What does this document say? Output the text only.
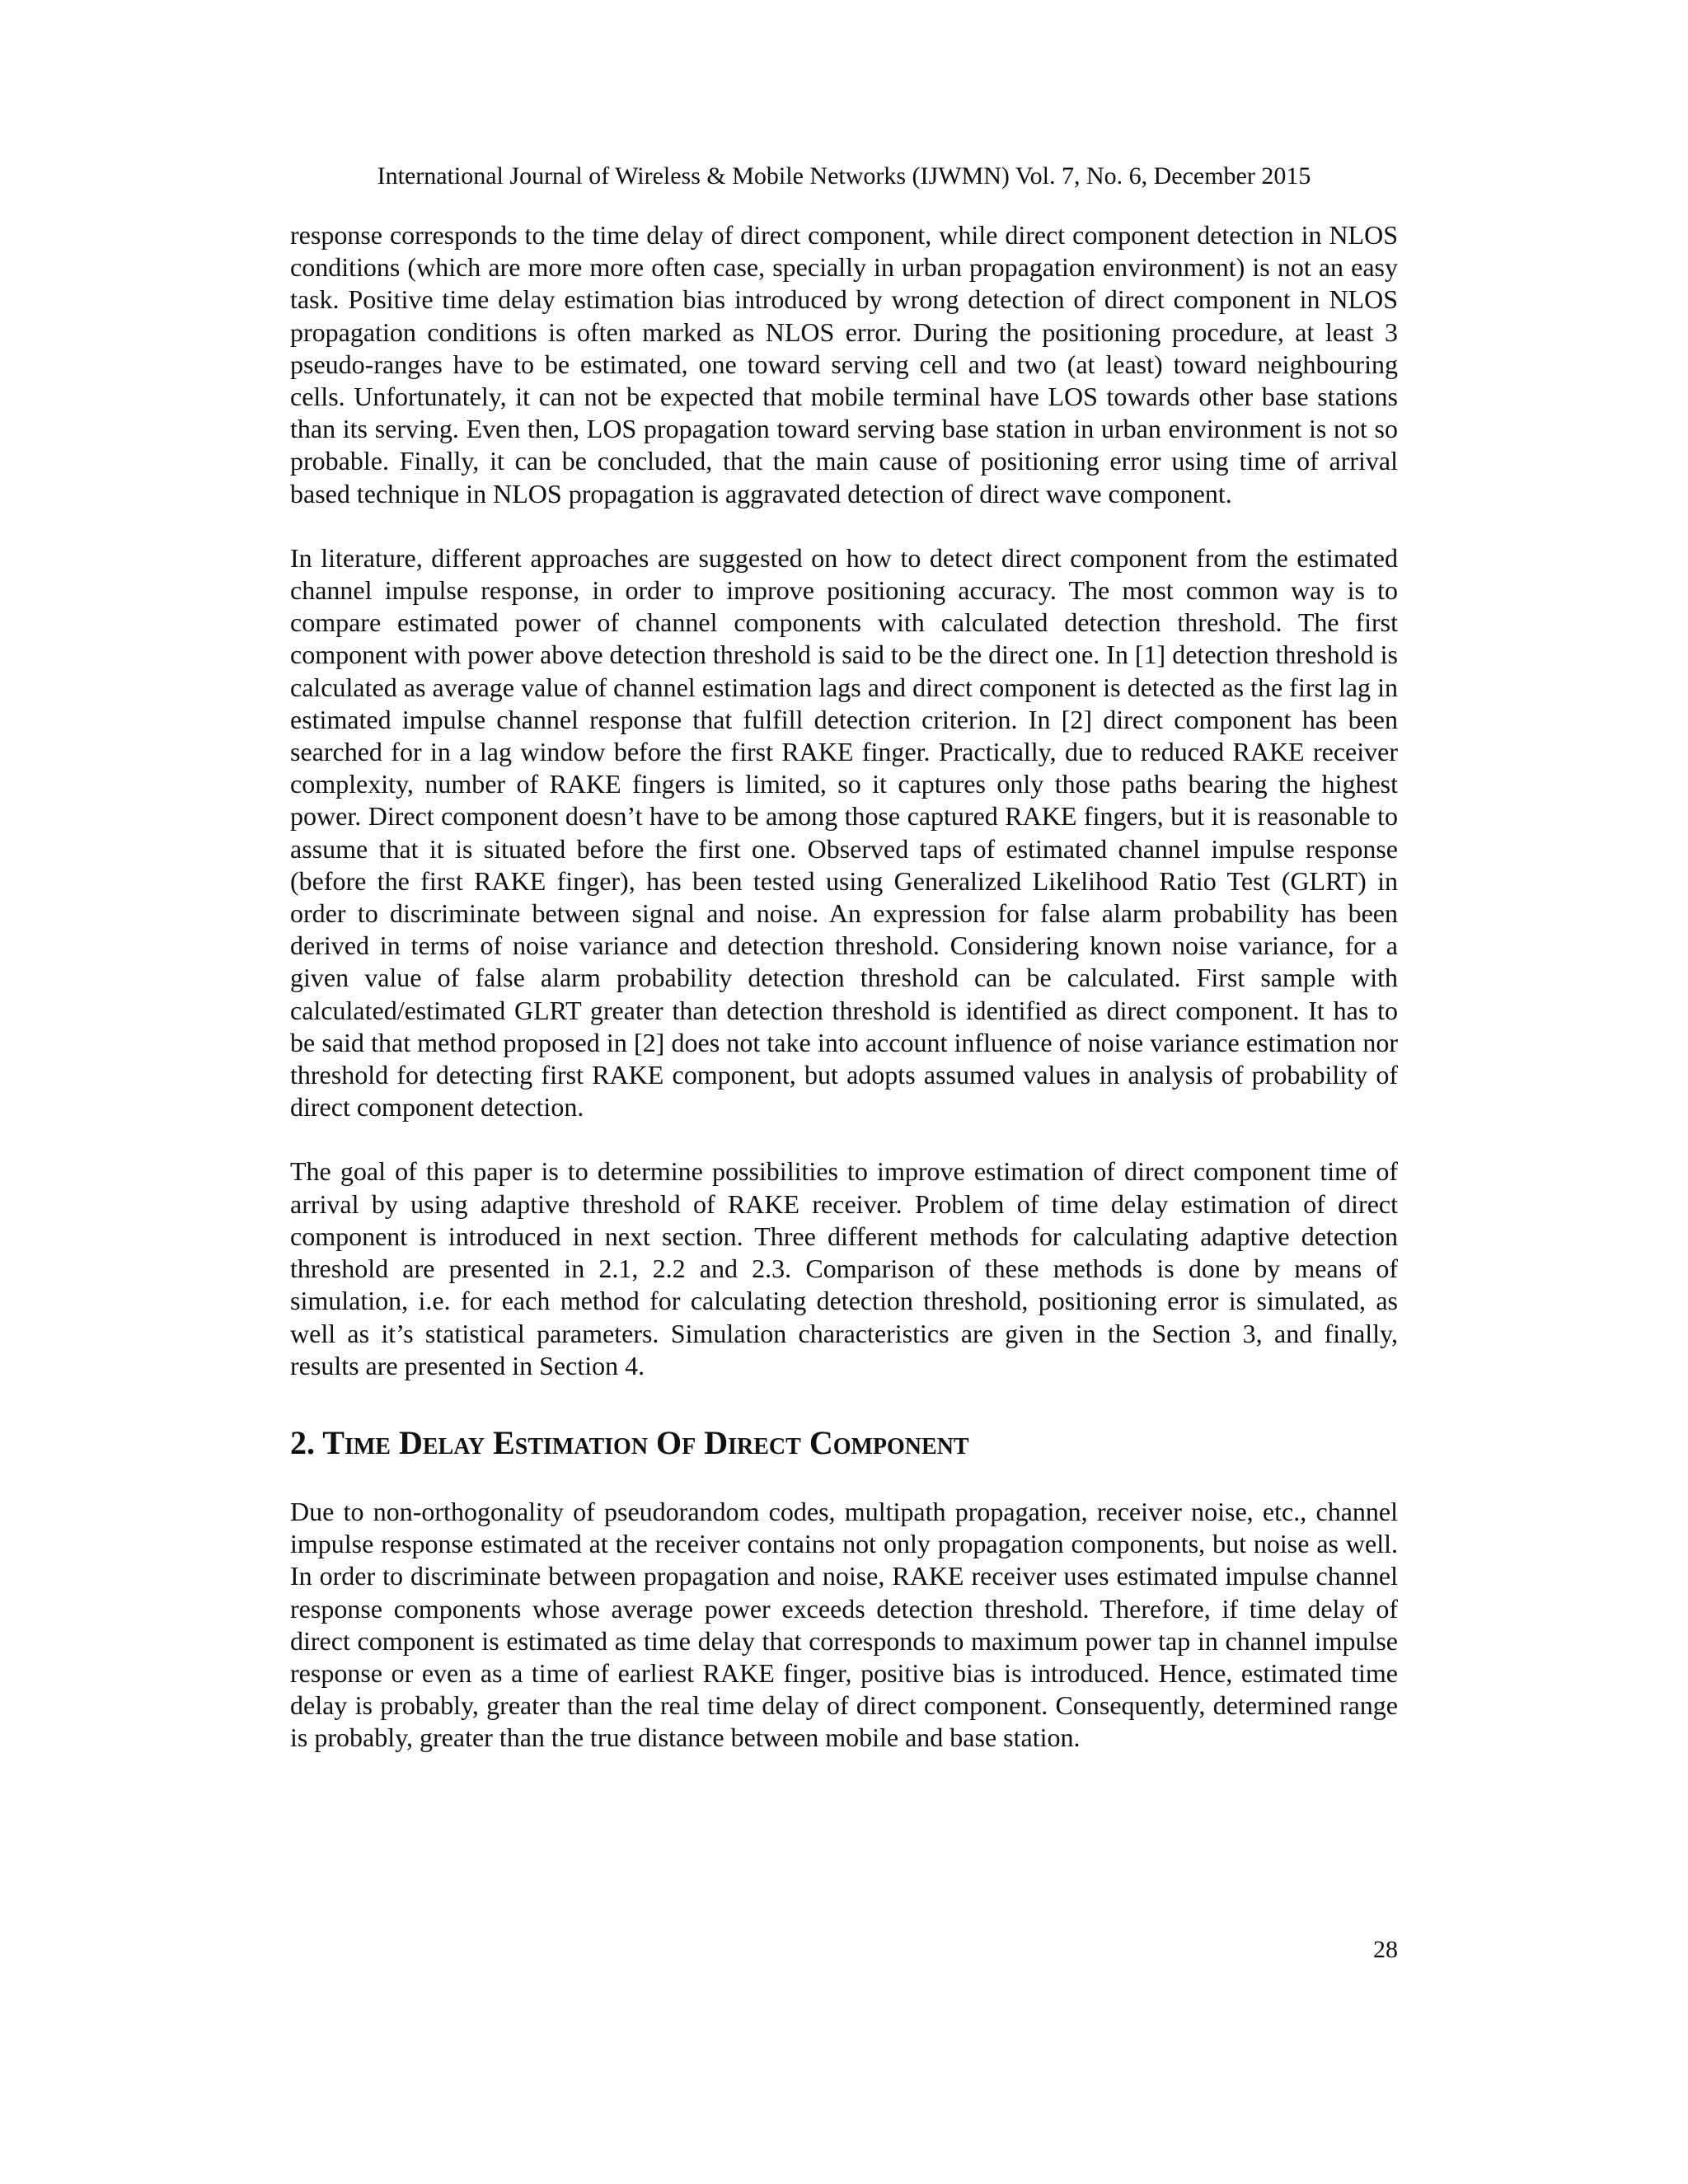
International Journal of Wireless & Mobile Networks (IJWMN) Vol. 7, No. 6, December 2015

response corresponds to the time delay of direct component, while direct component detection in NLOS conditions (which are more more often case, specially in urban propagation environment) is not an easy task. Positive time delay estimation bias introduced by wrong detection of direct component in NLOS propagation conditions is often marked as NLOS error. During the positioning procedure, at least 3 pseudo-ranges have to be estimated, one toward serving cell and two (at least) toward neighbouring cells. Unfortunately, it can not be expected that mobile terminal have LOS towards other base stations than its serving. Even then, LOS propagation toward serving base station in urban environment is not so probable. Finally, it can be concluded, that the main cause of positioning error using time of arrival based technique in NLOS propagation is aggravated detection of direct wave component.

In literature, different approaches are suggested on how to detect direct component from the estimated channel impulse response, in order to improve positioning accuracy. The most common way is to compare estimated power of channel components with calculated detection threshold. The first component with power above detection threshold is said to be the direct one. In [1] detection threshold is calculated as average value of channel estimation lags and direct component is detected as the first lag in estimated impulse channel response that fulfill detection criterion. In [2] direct component has been searched for in a lag window before the first RAKE finger. Practically, due to reduced RAKE receiver complexity, number of RAKE fingers is limited, so it captures only those paths bearing the highest power. Direct component doesn’t have to be among those captured RAKE fingers, but it is reasonable to assume that it is situated before the first one. Observed taps of estimated channel impulse response (before the first RAKE finger), has been tested using Generalized Likelihood Ratio Test (GLRT) in order to discriminate between signal and noise. An expression for false alarm probability has been derived in terms of noise variance and detection threshold. Considering known noise variance, for a given value of false alarm probability detection threshold can be calculated. First sample with calculated/estimated GLRT greater than detection threshold is identified as direct component. It has to be said that method proposed in [2] does not take into account influence of noise variance estimation nor threshold for detecting first RAKE component, but adopts assumed values in analysis of probability of direct component detection.

The goal of this paper is to determine possibilities to improve estimation of direct component time of arrival by using adaptive threshold of RAKE receiver. Problem of time delay estimation of direct component is introduced in next section. Three different methods for calculating adaptive detection threshold are presented in 2.1, 2.2 and 2.3. Comparison of these methods is done by means of simulation, i.e. for each method for calculating detection threshold, positioning error is simulated, as well as it’s statistical parameters. Simulation characteristics are given in the Section 3, and finally, results are presented in Section 4.

2. Time Delay Estimation Of Direct Component

Due to non-orthogonality of pseudorandom codes, multipath propagation, receiver noise, etc., channel impulse response estimated at the receiver contains not only propagation components, but noise as well. In order to discriminate between propagation and noise, RAKE receiver uses estimated impulse channel response components whose average power exceeds detection threshold. Therefore, if time delay of direct component is estimated as time delay that corresponds to maximum power tap in channel impulse response or even as a time of earliest RAKE finger, positive bias is introduced. Hence, estimated time delay is probably, greater than the real time delay of direct component. Consequently, determined range is probably, greater than the true distance between mobile and base station.

28
